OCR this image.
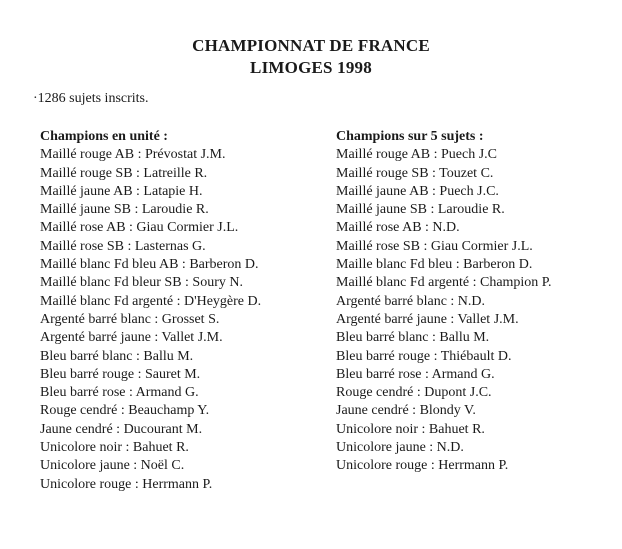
CHAMPIONNAT DE FRANCE
LIMOGES 1998
·1286 sujets inscrits.
Champions en unité :
Maillé rouge AB : Prévostat J.M.
Maillé rouge SB : Latreille R.
Maillé jaune AB : Latapie H.
Maillé jaune SB : Laroudie R.
Maillé rose AB : Giau Cormier J.L.
Maillé rose SB : Lasternas G.
Maillé blanc Fd bleu AB : Barberon D.
Maillé blanc Fd bleur SB : Soury N.
Maillé blanc Fd argenté : D'Heygère D.
Argenté barré blanc : Grosset S.
Argenté barré jaune : Vallet J.M.
Bleu barré blanc : Ballu M.
Bleu barré rouge : Sauret M.
Bleu barré rose : Armand G.
Rouge cendré : Beauchamp Y.
Jaune cendré : Ducourant M.
Unicolore noir : Bahuet R.
Unicolore jaune : Noël C.
Unicolore rouge : Herrmann P.
Champions sur 5 sujets :
Maillé rouge AB : Puech J.C
Maillé rouge SB : Touzet C.
Maillé jaune AB : Puech J.C.
Maillé jaune SB : Laroudie R.
Maillé rose AB : N.D.
Maillé rose SB : Giau Cormier J.L.
Maille blanc Fd bleu : Barberon D.
Maillé blanc Fd argenté : Champion P.
Argenté barré blanc : N.D.
Argenté barré jaune : Vallet J.M.
Bleu barré blanc : Ballu M.
Bleu barré rouge : Thiébault D.
Bleu barré rose : Armand G.
Rouge cendré : Dupont J.C.
Jaune cendré : Blondy V.
Unicolore noir : Bahuet R.
Unicolore jaune : N.D.
Unicolore rouge : Herrmann P.
